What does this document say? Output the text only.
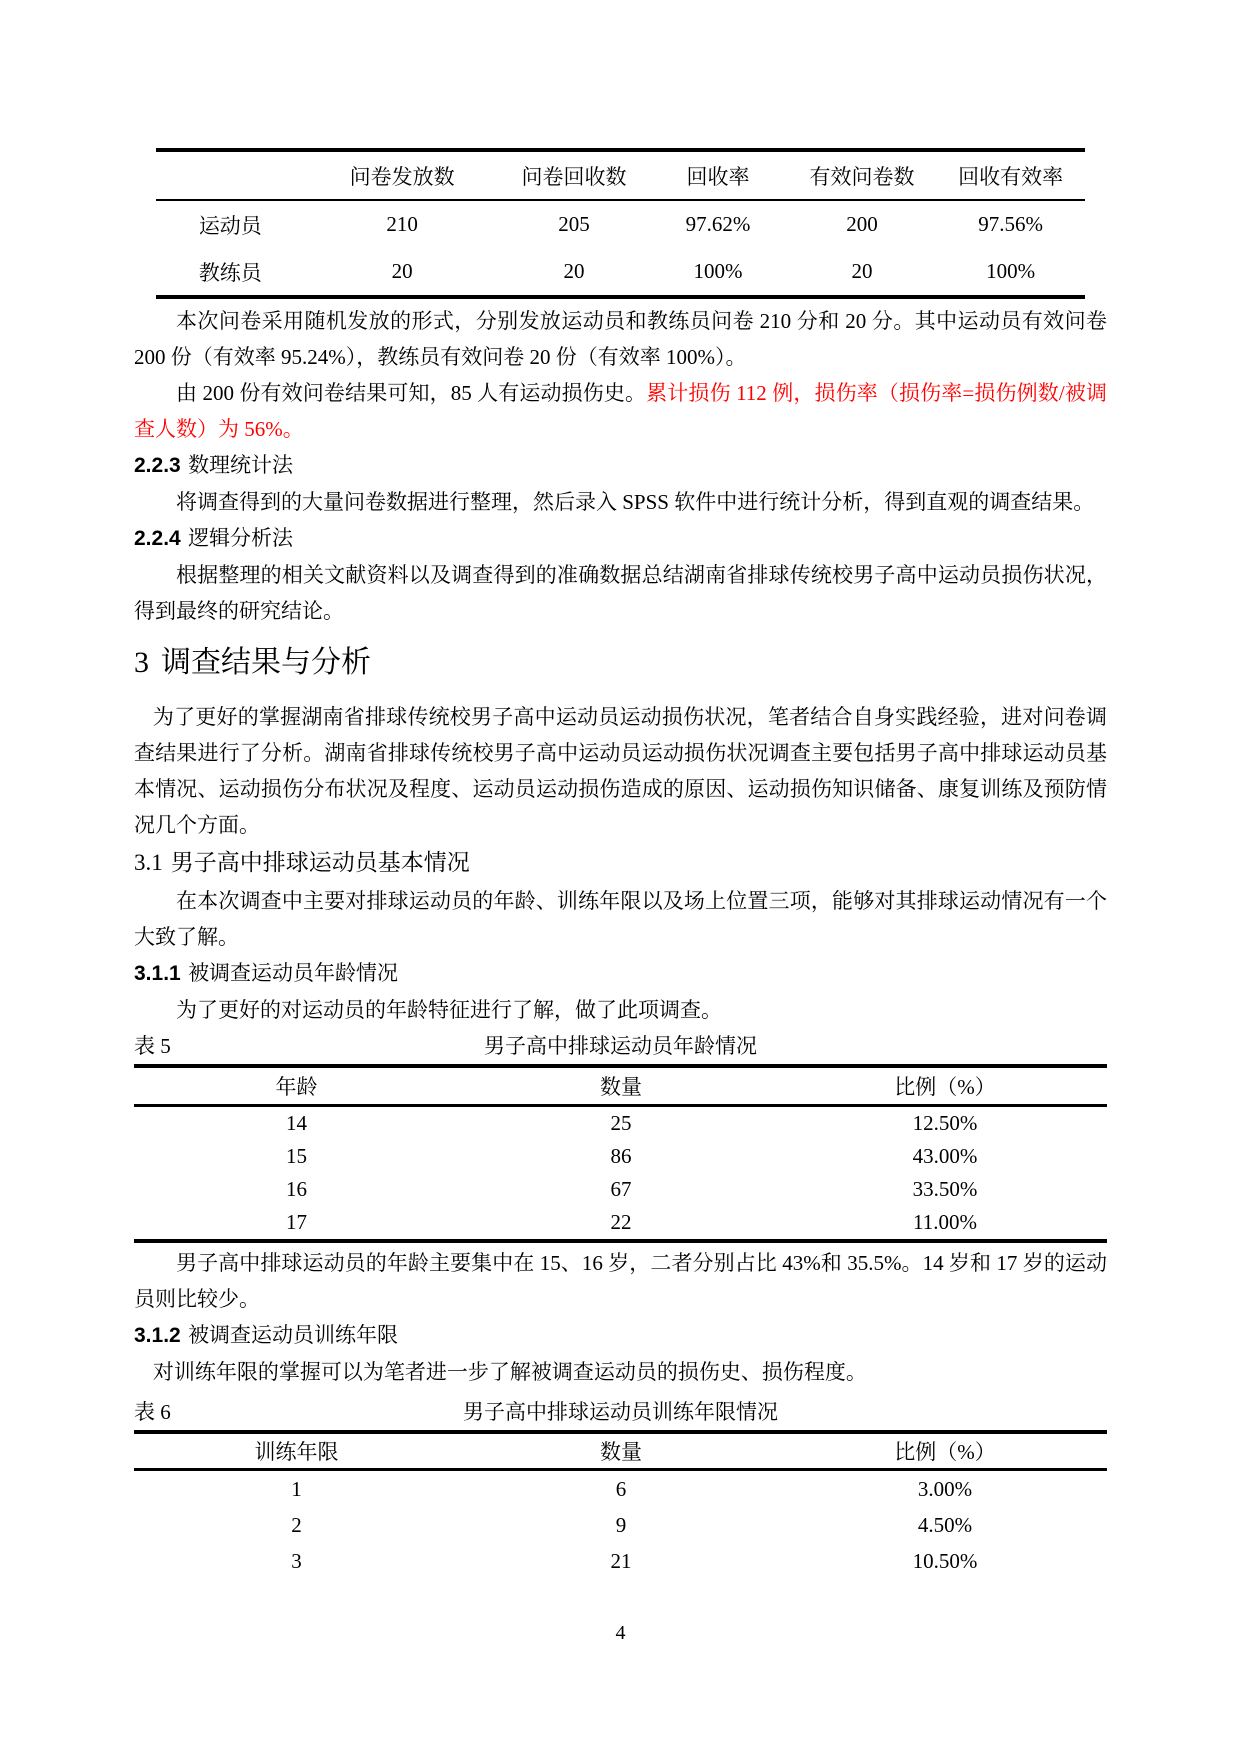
	问卷发放数	问卷回收数	回收率	有效问卷数	回收有效率
运动员	210	205	97.62%	200	97.56%
教练员	20	20	100%	20	100%

本次问卷采用随机发放的形式，分别发放运动员和教练员问卷 210 分和 20 分。其中运动员有效问卷 200 份（有效率 95.24%），教练员有效问卷 20 份（有效率 100%）。

由 200 份有效问卷结果可知，85 人有运动损伤史。累计损伤 112 例，损伤率（损伤率=损伤例数/被调查人数）为 56%。

2.2.3 数理统计法

将调查得到的大量问卷数据进行整理，然后录入 SPSS 软件中进行统计分析，得到直观的调查结果。

2.2.4 逻辑分析法

根据整理的相关文献资料以及调查得到的准确数据总结湖南省排球传统校男子高中运动员损伤状况，得到最终的研究结论。

3 调查结果与分析

为了更好的掌握湖南省排球传统校男子高中运动员运动损伤状况，笔者结合自身实践经验，进对问卷调查结果进行了分析。湖南省排球传统校男子高中运动员运动损伤状况调查主要包括男子高中排球运动员基本情况、运动损伤分布状况及程度、运动员运动损伤造成的原因、运动损伤知识储备、康复训练及预防情况几个方面。

3.1 男子高中排球运动员基本情况

在本次调查中主要对排球运动员的年龄、训练年限以及场上位置三项，能够对其排球运动情况有一个大致了解。

3.1.1 被调查运动员年龄情况

为了更好的对运动员的年龄特征进行了解，做了此项调查。

表 5	男子高中排球运动员年龄情况
年龄	数量	比例（%）
14	25	12.50%
15	86	43.00%
16	67	33.50%
17	22	11.00%

男子高中排球运动员的年龄主要集中在 15、16 岁，二者分别占比 43%和 35.5%。14 岁和 17 岁的运动员则比较少。

3.1.2 被调查运动员训练年限

对训练年限的掌握可以为笔者进一步了解被调查运动员的损伤史、损伤程度。

表 6	男子高中排球运动员训练年限情况
训练年限	数量	比例（%）
1	6	3.00%
2	9	4.50%
3	21	10.50%
4
